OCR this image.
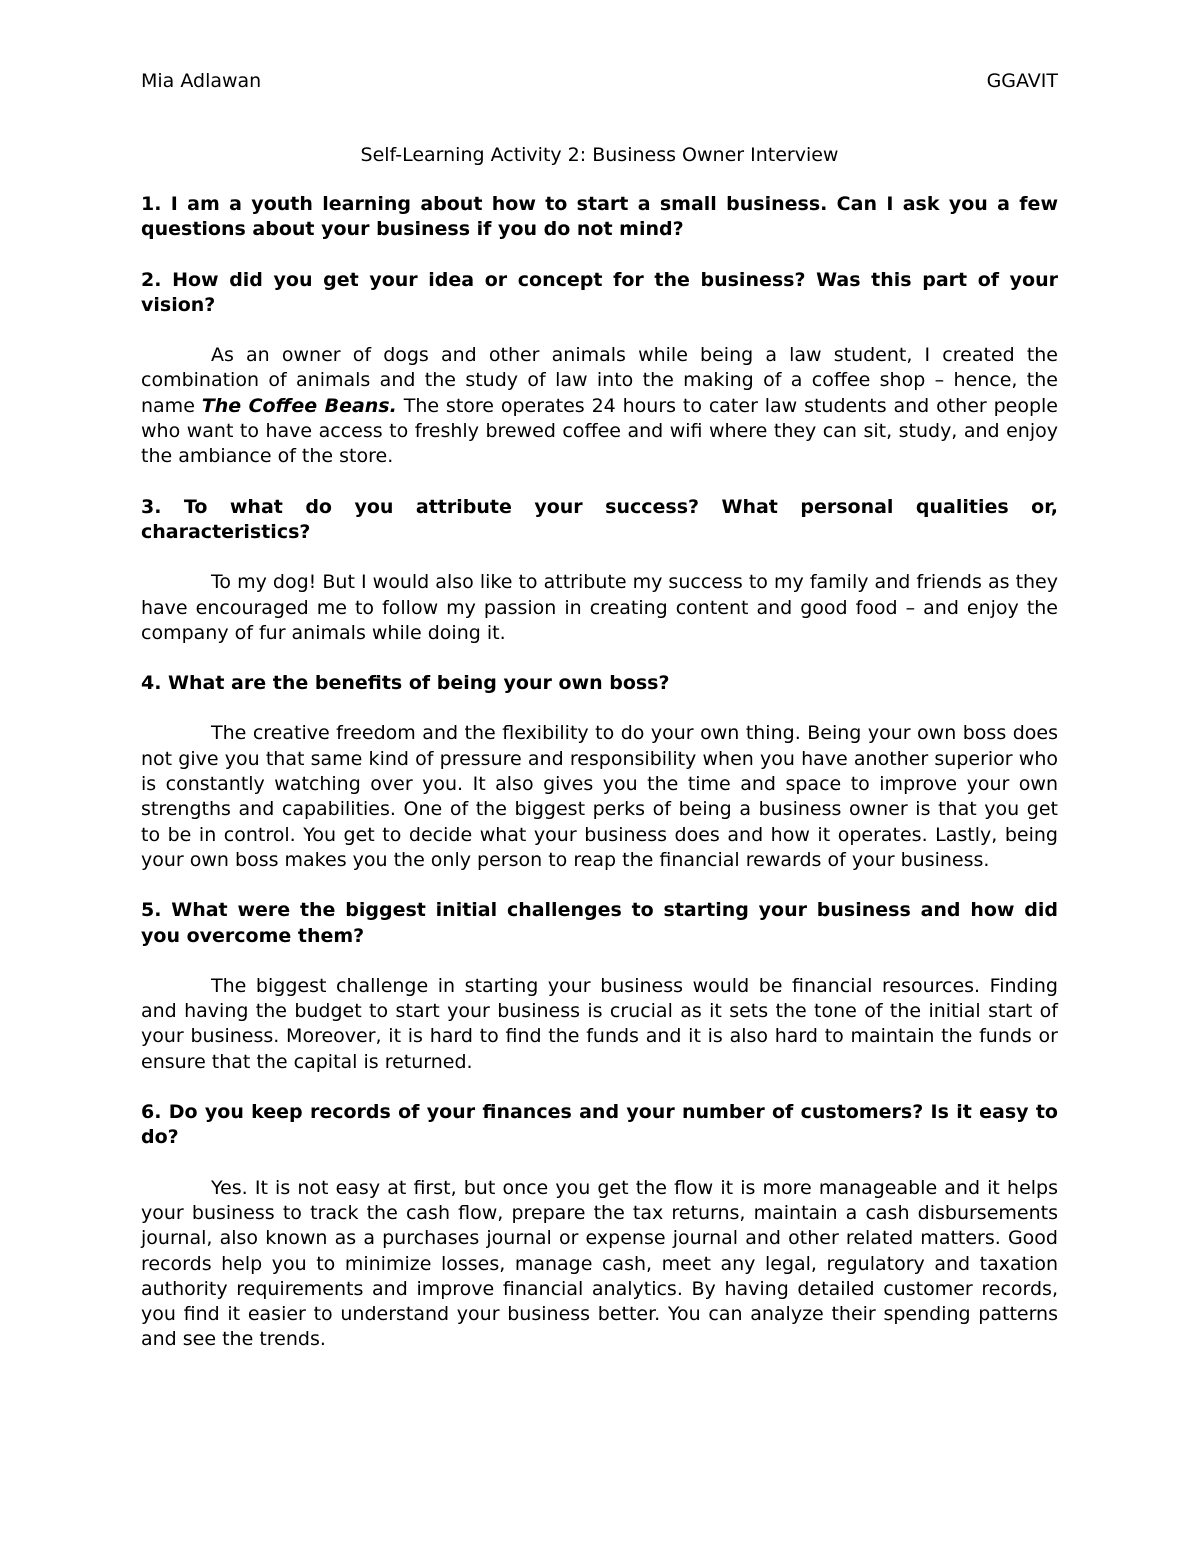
Mia Adlawan	GGAVIT
Self-Learning Activity 2: Business Owner Interview

1. I am a youth learning about how to start a small business. Can I ask you a few questions about your business if you do not mind?

2. How did you get your idea or concept for the business? Was this part of your vision?

As an owner of dogs and other animals while being a law student, I created the combination of animals and the study of law into the making of a coffee shop – hence, the name The Coffee Beans. The store operates 24 hours to cater law students and other people who want to have access to freshly brewed coffee and wifi where they can sit, study, and enjoy the ambiance of the store.

3. To what do you attribute your success? What personal qualities or, characteristics?

To my dog! But I would also like to attribute my success to my family and friends as they have encouraged me to follow my passion in creating content and good food – and enjoy the company of fur animals while doing it.

4. What are the benefits of being your own boss?

The creative freedom and the flexibility to do your own thing. Being your own boss does not give you that same kind of pressure and responsibility when you have another superior who is constantly watching over you. It also gives you the time and space to improve your own strengths and capabilities. One of the biggest perks of being a business owner is that you get to be in control. You get to decide what your business does and how it operates. Lastly, being your own boss makes you the only person to reap the financial rewards of your business.

5. What were the biggest initial challenges to starting your business and how did you overcome them?

The biggest challenge in starting your business would be financial resources. Finding and having the budget to start your business is crucial as it sets the tone of the initial start of your business. Moreover, it is hard to find the funds and it is also hard to maintain the funds or ensure that the capital is returned.

6. Do you keep records of your finances and your number of customers? Is it easy to do?

Yes. It is not easy at first, but once you get the flow it is more manageable and it helps your business to track the cash flow, prepare the tax returns, maintain a cash disbursements journal, also known as a purchases journal or expense journal and other related matters. Good records help you to minimize losses, manage cash, meet any legal, regulatory and taxation authority requirements and improve financial analytics. By having detailed customer records, you find it easier to understand your business better. You can analyze their spending patterns and see the trends.
